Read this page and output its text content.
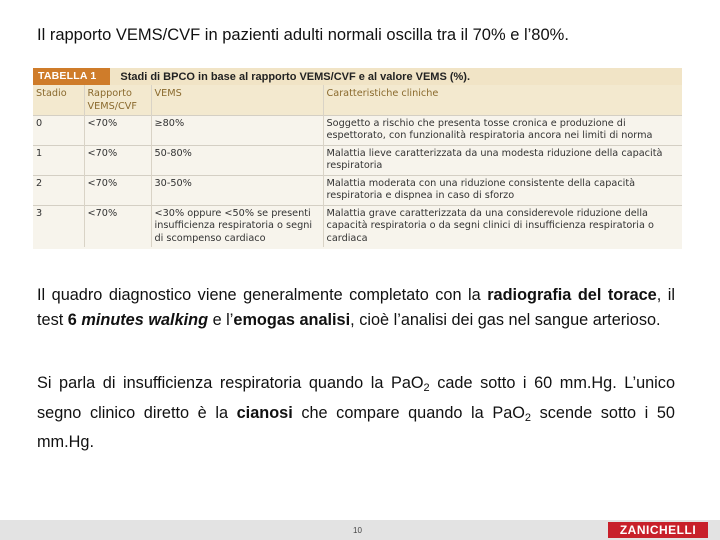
Il rapporto VEMS/CVF in pazienti adulti normali oscilla tra il 70% e l’80%.
TABELLA 1	Stadi di BPCO in base al rapporto VEMS/CVF e al valore VEMS (%).
Stadio	Rapporto VEMS/CVF	VEMS	Caratteristiche cliniche
0	<70%	≥80%	Soggetto a rischio che presenta tosse cronica e produzione di espettorato, con funzionalità respiratoria ancora nei limiti di norma
1	<70%	50-80%	Malattia lieve caratterizzata da una modesta riduzione della capacità respiratoria
2	<70%	30-50%	Malattia moderata con una riduzione consistente della capacità respiratoria e dispnea in caso di sforzo
3	<70%	<30% oppure <50% se presenti insufficienza respiratoria o segni di scompenso cardiaco	Malattia grave caratterizzata da una considerevole riduzione della capacità respiratoria o da segni clinici di insufficienza respiratoria o cardiaca

Il quadro diagnostico viene generalmente completato con la radiografia del torace, il test 6 minutes walking e l’emogas analisi, cioè l’analisi dei gas nel sangue arterioso.

Si parla di insufficienza respiratoria quando la PaO$_2$ cade sotto i 60 mm.Hg. L’unico segno clinico diretto è la cianosi che compare quando la PaO$_2$ scende sotto i 50 mm.Hg.

10	ZANICHELLI
